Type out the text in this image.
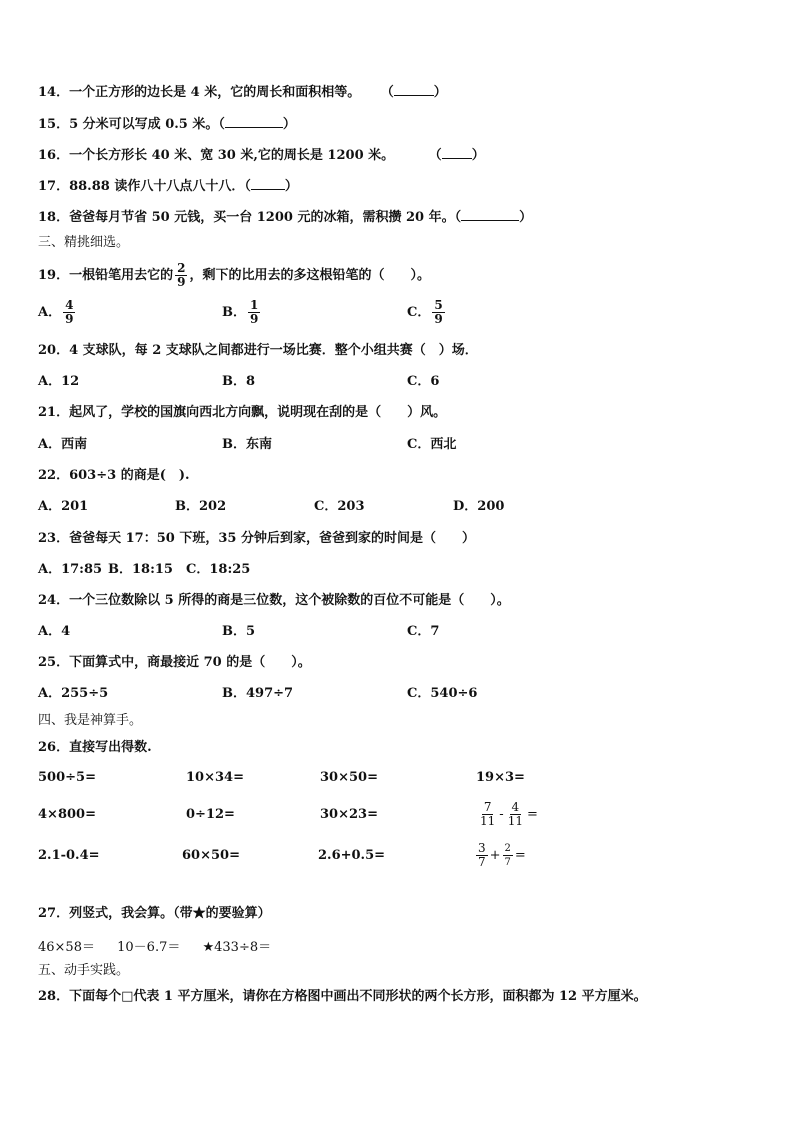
14．一个正方形的边长是 4 米，它的周长和面积相等。 （	）
15．5 分米可以写成 0.5 米。（	）
16．一个长方形长 40 米、宽 30 米,它的周长是 1200 米。	（ ）
17．88.88 读作八十八点八十八．（	）
18．爸爸每月节省 50 元钱，买一台 1200 元的冰箱，需积攒 20 年。（	）
三、精挑细选。
19．一根铅笔用去它的 $\frac{2}{9}$ ，剩下的比用去的多这根铅笔的（　　）。
A． $\frac{4}{9}$	B． $\frac{1}{9}$	C． $\frac{5}{9}$
20．4 支球队，每 2 支球队之间都进行一场比赛．整个小组共赛（　）场．
A．12	B．8	C．6
21．起风了，学校的国旗向西北方向飘，说明现在刮的是（　　）风。
A．西南	B．东南	C．西北
22．603÷3 的商是(　).
A．201	B．202	C．203	D．200
23．爸爸每天 17：50 下班，35 分钟后到家，爸爸到家的时间是（　　）
A．17:85 B．18:15 C．18:25
24．一个三位数除以 5 所得的商是三位数，这个被除数的百位不可能是（　　）。
A．4	B．5	C．7
25．下面算式中，商最接近 70 的是（　　）。
A．255÷5	B．497÷7	C．540÷6
四、我是神算手。
26．直接写出得数.
500÷5=	10×34=	30×50=	19×3=
4×800=	0÷12=	30×23=	$\frac{7}{11} - \frac{4}{11}$ =
2.1-0.4=	60×50=	2.6+0.5=	$\frac{3}{7} + \frac{2}{7}$ =
27．列竖式，我会算。（带★的要验算）
46×58＝ 10－6.7＝ ★433÷8＝
五、动手实践。
28．下面每个□代表 1 平方厘米，请你在方格图中画出不同形状的两个长方形，面积都为 12 平方厘米。
